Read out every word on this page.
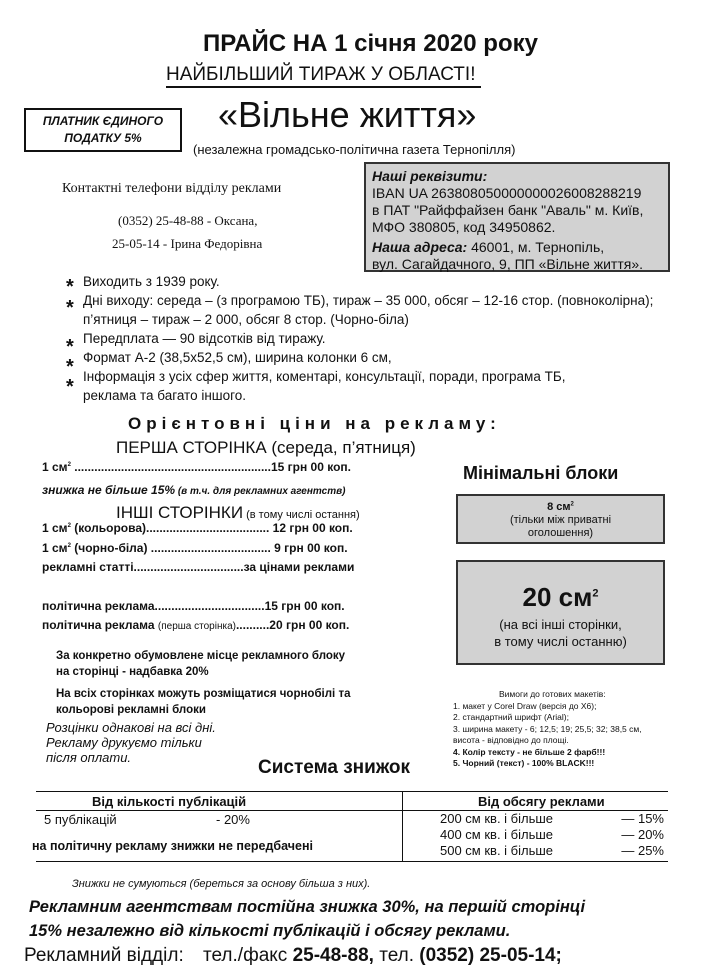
ПРАЙС НА 1 січня 2020 року
НАЙБІЛЬШИЙ ТИРАЖ У ОБЛАСТІ!
ПЛАТНИК ЄДИНОГО
ПОДАТКУ 5%
«Вільне життя»
(незалежна громадсько-політична газета Тернопілля)
Контактні телефони відділу реклами
(0352) 25-48-88 - Оксана,
25-05-14 - Ірина Федорівна
Наші реквізити:
IBAN UA 263808050000000026008288219
в ПАТ "Райффайзен банк "Аваль" м. Київ,
МФО 380805, код 34950862.
Наша адреса: 46001, м. Тернопіль,
вул. Сагайдачного, 9, ПП «Вільне життя».
*
*
*
*
*
Виходить з 1939 року.
Дні виходу: середа – (з програмою ТБ), тираж – 35 000, обсяг – 12-16 стор. (повноколірна);
п’ятниця – тираж – 2 000, обсяг 8 стор. (Чорно-біла)
Передплата — 90 відсотків від тиражу.
Формат А-2 (38,5х52,5 см), ширина колонки 6 см,
Інформація з усіх сфер життя, коментарі, консультації, поради, програма ТБ,
реклама та багато іншого.
Орієнтовні ціни на рекламу:
ПЕРША СТОРІНКА (середа, п’ятниця)
1 $см^2$ ...........................................................15 грн 00 коп.
знижка не більше 15% (в т.ч. для рекламних агентств)
ІНШІ СТОРІНКИ (в тому числі остання)
1 $см^2$ (кольорова)..................................... 12 грн 00 коп.
1 $см^2$ (чорно-біла) .................................... 9 грн 00 коп.
рекламні статті.................................за цінами реклами
політична реклама.................................15 грн 00 коп.
політична реклама (перша сторінка)..........20 грн 00 коп.
За конкретно обумовлене місце рекламного блоку
на сторінці - надбавка 20%
На всіх сторінках можуть розміщатися чорнобілі та
кольорові рекламні блоки
Розцінки однакові на всі дні.
Рекламу друкуємо тільки
після оплати.
Мінімальні блоки
8 $см^2$
(тільки між приватні
оголошення)
20 $см^2$
(на всі інші сторінки,
в тому числі останню)
Вимоги до готових макетів:
1. макет у Corel Draw (версія до Х6);
2. стандартний шрифт (Arial);
3. ширина макету - 6; 12,5; 19; 25,5; 32; 38,5 см,
висота - відповідно до площі.
4. Колір тексту - не більше 2 фарб!!!
5. Чорний (текст) - 100% BLACK!!!
Система знижок
Від кількості публікацій	Від обсягу реклами
5 публікацій	- 20%
на політичну рекламу знижки не передбачені
200 см кв. і більше	— 15%
400 см кв. і більше	— 20%
500 см кв. і більше	— 25%
Знижки не сумуються (береться за основу більша з них).
Рекламним агентствам постійна знижка 30%, на першій сторінці
15% незалежно від кількості публікацій і обсягу реклами.
Рекламний відділ: тел./факс 25-48-88, тел. (0352) 25-05-14;
